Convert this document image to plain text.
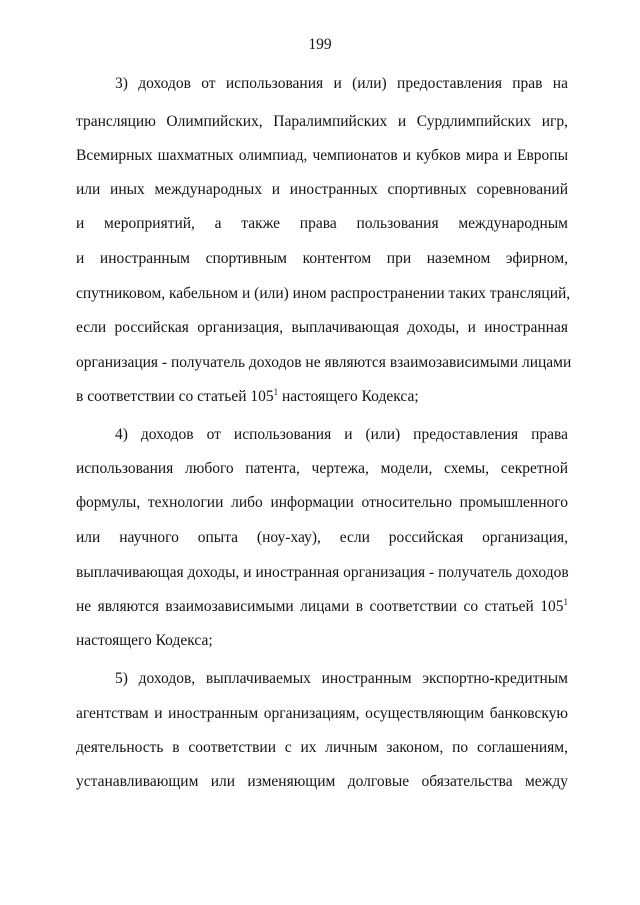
199
3) доходов от использования и (или) предоставления прав на
трансляцию Олимпийских, Паралимпийских и Сурдлимпийских игр,
Всемирных шахматных олимпиад, чемпионатов и кубков мира и Европы
или иных международных и иностранных спортивных соревнований
и мероприятий, а также права пользования международным
и иностранным спортивным контентом при наземном эфирном,
спутниковом, кабельном и (или) ином распространении таких трансляций,
если российская организация, выплачивающая доходы, и иностранная
организация - получатель доходов не являются взаимозависимыми лицами
в соответствии со статьей $105^1$ настоящего Кодекса;
4) доходов от использования и (или) предоставления права
использования любого патента, чертежа, модели, схемы, секретной
формулы, технологии либо информации относительно промышленного
или научного опыта (ноу-хау), если российская организация,
выплачивающая доходы, и иностранная организация - получатель доходов
не являются взаимозависимыми лицами в соответствии со статьей $105^1$
настоящего Кодекса;
5) доходов, выплачиваемых иностранным экспортно-кредитным
агентствам и иностранным организациям, осуществляющим банковскую
деятельность в соответствии с их личным законом, по соглашениям,
устанавливающим или изменяющим долговые обязательства между
